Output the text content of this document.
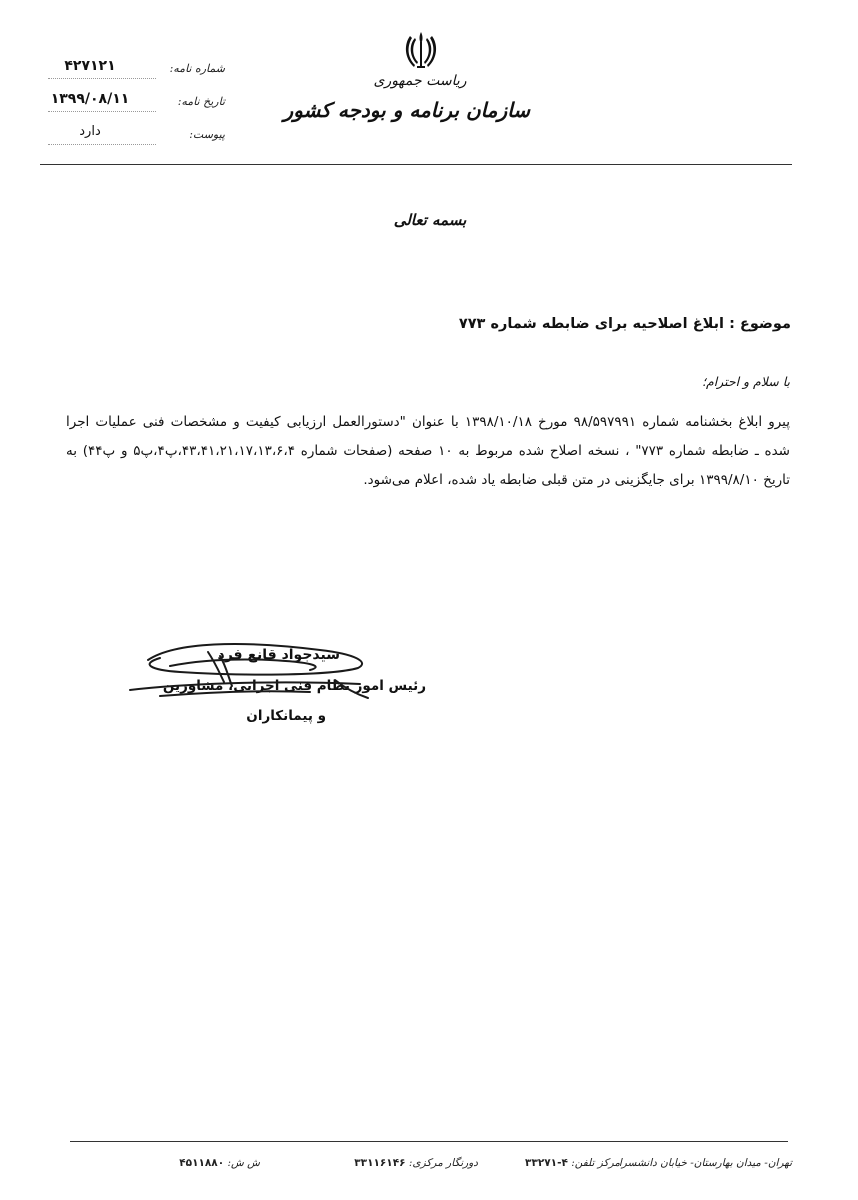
ریاست جمهوری
سازمان برنامه و بودجه کشور
شماره نامه:
۴۲۷۱۲۱
تاریخ نامه:
۱۳۹۹/۰۸/۱۱
پیوست:
دارد
بسمه تعالی
موضوع : ابلاغ اصلاحیه برای ضابطه شماره ۷۷۳
با سلام و احترام؛
پیرو ابلاغ بخشنامه شماره ۹۸/۵۹۷۹۹۱ مورخ ۱۳۹۸/۱۰/۱۸ با عنوان "دستورالعمل ارزیابی کیفیت و مشخصات فنی عملیات اجرا شده ـ ضابطه شماره ۷۷۳" ، نسخه اصلاح شده مربوط به ۱۰ صفحه (صفحات شماره ۴۳،۴۱،۲۱،۱۷،۱۳،۶،۴،پ۴،پ۵ و پ۴۴) به تاریخ ۱۳۹۹/۸/۱۰ برای جایگزینی در متن قبلی ضابطه یاد شده، اعلام می‌شود.
سیدجواد قانع فرد
رئیس امور نظام فنی اجرایی، مشاورین
و پیمانکاران
تهران- میدان بهارستان- خیابان دانشسرا
مرکز تلفن: ۴-۳۳۲۷۱
دورنگار مرکزی: ۳۳۱۱۶۱۴۶
ش ش: ۴۵۱۱۸۸۰
